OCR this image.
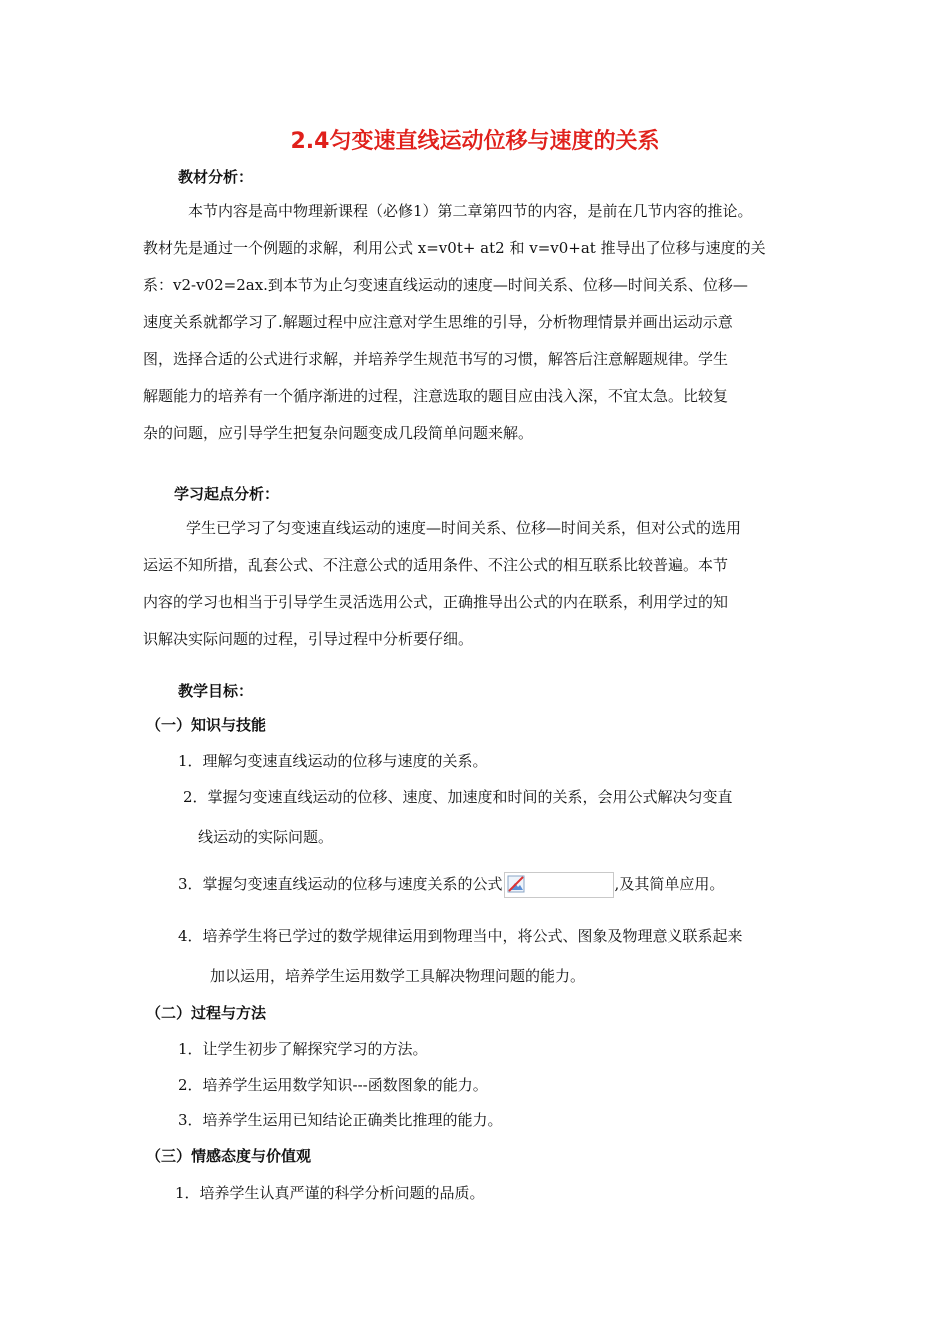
2.4匀变速直线运动位移与速度的关系
教材分析：
本节内容是高中物理新课程（必修1）第二章第四节的内容，是前在几节内容的推论。
教材先是通过一个例题的求解，利用公式 x=v0t+ at2 和 v=v0+at 推导出了位移与速度的关
系：v2-v02=2ax.到本节为止匀变速直线运动的速度—时间关系、位移—时间关系、位移—
速度关系就都学习了.解题过程中应注意对学生思维的引导，分析物理情景并画出运动示意
图，选择合适的公式进行求解，并培养学生规范书写的习惯，解答后注意解题规律。学生
解题能力的培养有一个循序渐进的过程，注意选取的题目应由浅入深，不宜太急。比较复
杂的问题，应引导学生把复杂问题变成几段简单问题来解。
学习起点分析：
学生已学习了匀变速直线运动的速度—时间关系、位移—时间关系，但对公式的选用
运运不知所措，乱套公式、不注意公式的适用条件、不注公式的相互联系比较普遍。本节
内容的学习也相当于引导学生灵活选用公式，正确推导出公式的内在联系，利用学过的知
识解决实际问题的过程，引导过程中分析要仔细。
教学目标：
（一）知识与技能
1．理解匀变速直线运动的位移与速度的关系。
2．掌握匀变速直线运动的位移、速度、加速度和时间的关系，会用公式解决匀变直
线运动的实际问题。
3．掌握匀变速直线运动的位移与速度关系的公式	,及其简单应用。
4．培养学生将已学过的数学规律运用到物理当中，将公式、图象及物理意义联系起来
加以运用，培养学生运用数学工具解决物理问题的能力。
（二）过程与方法
1．让学生初步了解探究学习的方法。
2．培养学生运用数学知识---函数图象的能力。
3．培养学生运用已知结论正确类比推理的能力。
（三）情感态度与价值观
1．培养学生认真严谨的科学分析问题的品质。
